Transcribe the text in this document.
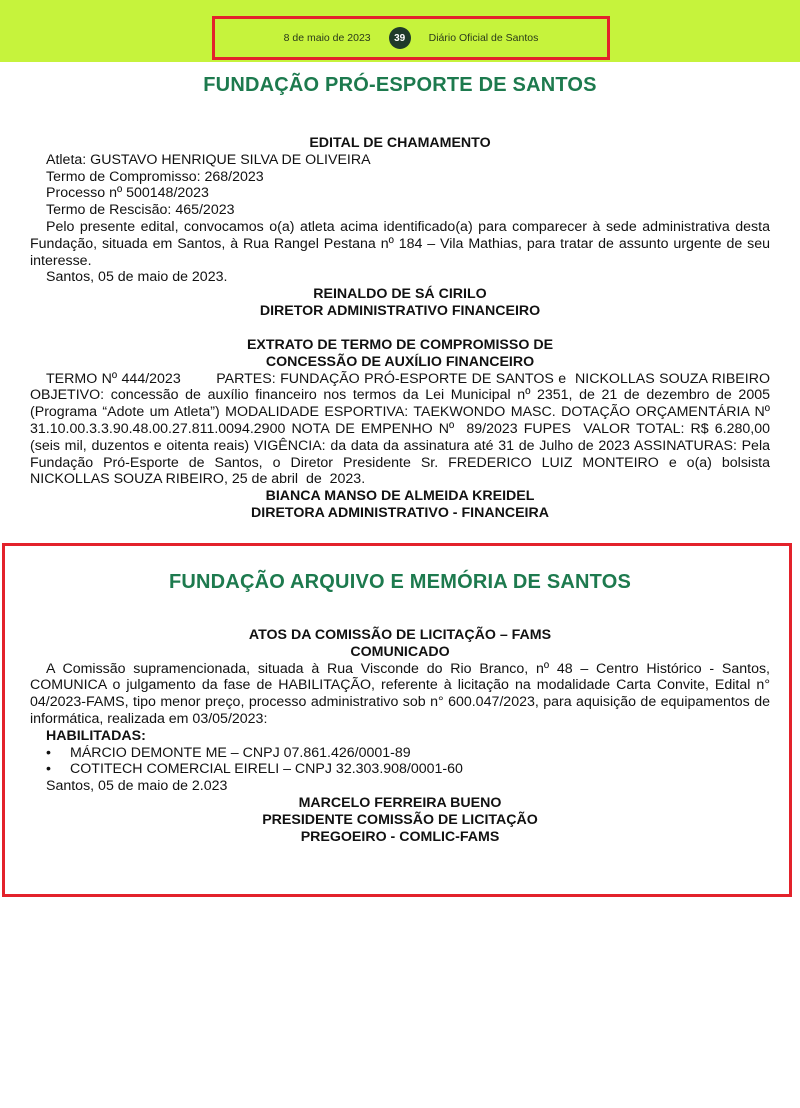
8 de maio de 2023	39	Diário Oficial de Santos
FUNDAÇÃO PRÓ-ESPORTE DE SANTOS
EDITAL DE CHAMAMENTO
Atleta: GUSTAVO HENRIQUE SILVA DE OLIVEIRA
Termo de Compromisso: 268/2023
Processo nº 500148/2023
Termo de Rescisão: 465/2023
Pelo presente edital, convocamos o(a) atleta acima identificado(a) para comparecer à sede administrativa desta Fundação, situada em Santos, à Rua Rangel Pestana nº 184 – Vila Mathias, para tratar de assunto urgente de seu interesse.
Santos, 05 de maio de 2023.
REINALDO DE SÁ CIRILO
DIRETOR ADMINISTRATIVO FINANCEIRO
EXTRATO DE TERMO DE COMPROMISSO DE
CONCESSÃO DE AUXÍLIO FINANCEIRO
TERMO Nº 444/2023        PARTES: FUNDAÇÃO PRÓ-ESPORTE DE SANTOS e  NICKOLLAS SOUZA RIBEIRO OBJETIVO: concessão de auxílio financeiro nos termos da Lei Municipal nº 2351, de 21 de dezembro de 2005 (Programa “Adote um Atleta”) MODALIDADE ESPORTIVA: TAEKWONDO MASC. DOTAÇÃO ORÇAMENTÁRIA Nº 31.10.00.3.3.90.48.00.27.811.0094.2900 NOTA DE EMPENHO Nº  89/2023 FUPES  VALOR TOTAL: R$ 6.280,00 (seis mil, duzentos e oitenta reais) VIGÊNCIA: da data da assinatura até 31 de Julho de 2023 ASSINATURAS: Pela Fundação Pró-Esporte de Santos, o Diretor Presidente Sr. FREDERICO LUIZ MONTEIRO e o(a) bolsista NICKOLLAS SOUZA RIBEIRO, 25 de abril  de  2023.
BIANCA MANSO DE ALMEIDA KREIDEL
DIRETORA ADMINISTRATIVO - FINANCEIRA
FUNDAÇÃO ARQUIVO E MEMÓRIA DE SANTOS
ATOS DA COMISSÃO DE LICITAÇÃO – FAMS
COMUNICADO
A Comissão supramencionada, situada à Rua Visconde do Rio Branco, nº 48 – Centro Histórico - Santos, COMUNICA o julgamento da fase de HABILITAÇÃO, referente à licitação na modalidade Carta Convite, Edital n° 04/2023-FAMS, tipo menor preço, processo administrativo sob n° 600.047/2023, para aquisição de equipamentos de informática, realizada em 03/05/2023:
HABILITADAS:
•	MÁRCIO DEMONTE ME – CNPJ 07.861.426/0001-89
•	COTITECH COMERCIAL EIRELI – CNPJ 32.303.908/0001-60
Santos, 05 de maio de 2.023
MARCELO FERREIRA BUENO
PRESIDENTE COMISSÃO DE LICITAÇÃO
PREGOEIRO - COMLIC-FAMS
